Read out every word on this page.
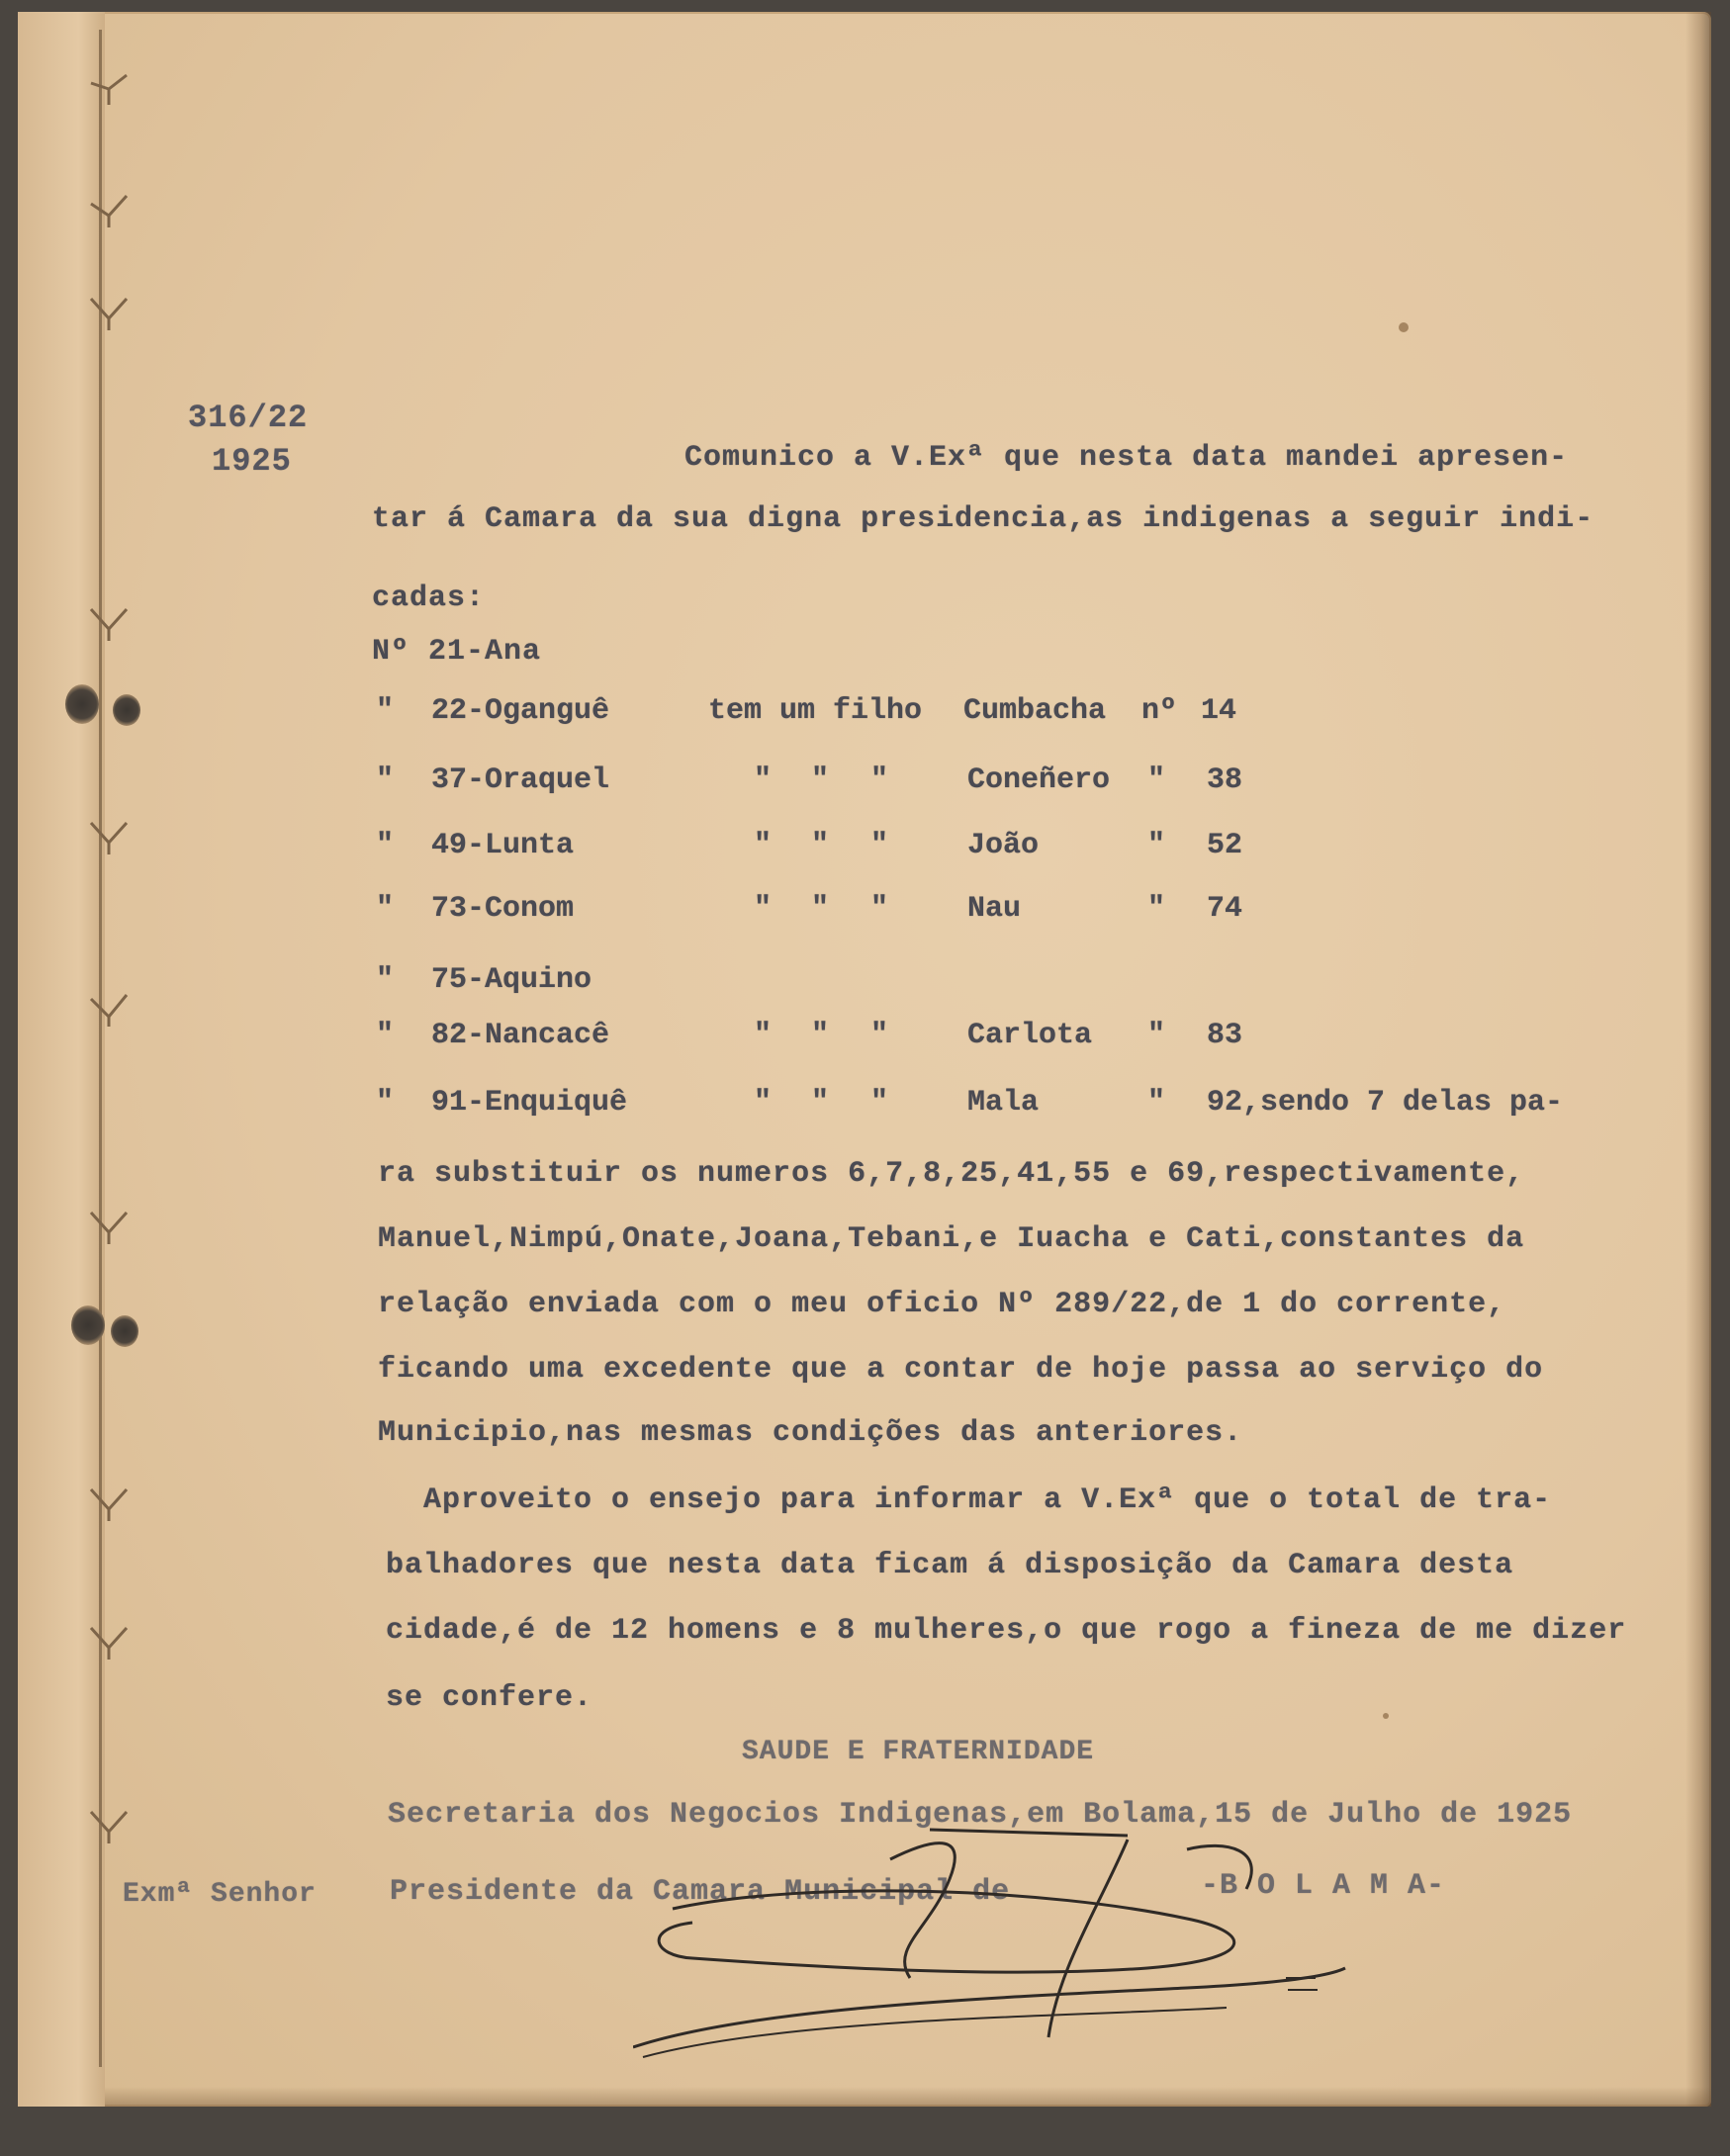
316/22
1925	Comunico a V.Exª que nesta data mandei apresen-
tar á Camara da sua digna presidencia,as indigenas a seguir indi-
cadas:
Nº 21-Ana
" 22-Oganguê	tem um filho Cumbacha nº 14
" 37-Oraquel	" " "	Coneñero " 38
" 49-Lunta	" " "	João	" 52
" 73-Conom	" " "	Nau	" 74
" 75-Aquino
" 82-Nancacê	" " "	Carlota " 83
" 91-Enquiquê	" " "	Mala	" 92,sendo 7 delas pa-
ra substituir os numeros 6,7,8,25,41,55 e 69,respectivamente,
Manuel,Nimpú,Onate,Joana,Tebani,e Iuacha e Cati,constantes da
relação enviada com o meu oficio Nº 289/22,de 1 do corrente,
ficando uma excedente que a contar de hoje passa ao serviço do
Municipio,nas mesmas condições das anteriores.
Aproveito o ensejo para informar a V.Exª que o total de tra-
balhadores que nesta data ficam á disposição da Camara desta
cidade,é de 12 homens e 8 mulheres,o que rogo a fineza de me dizer
se confere.
SAUDE E FRATERNIDADE
Secretaria dos Negocios Indigenas,em Bolama,15 de Julho de 1925
Exmª Senhor Presidente da Camara Municipal de	-B O L A M A-
